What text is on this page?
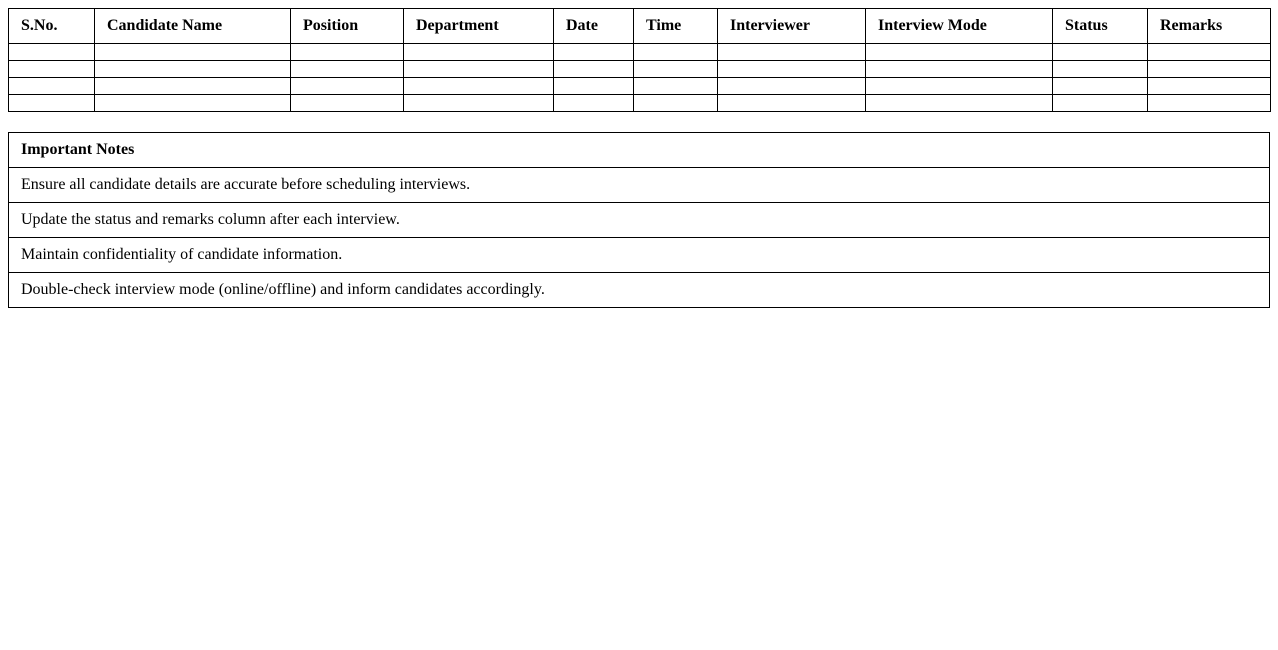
S.No.	Candidate Name	Position	Department	Date	Time	Interviewer	Interview Mode	Status	Remarks

Important Notes
Ensure all candidate details are accurate before scheduling interviews.
Update the status and remarks column after each interview.
Maintain confidentiality of candidate information.
Double-check interview mode (online/offline) and inform candidates accordingly.
